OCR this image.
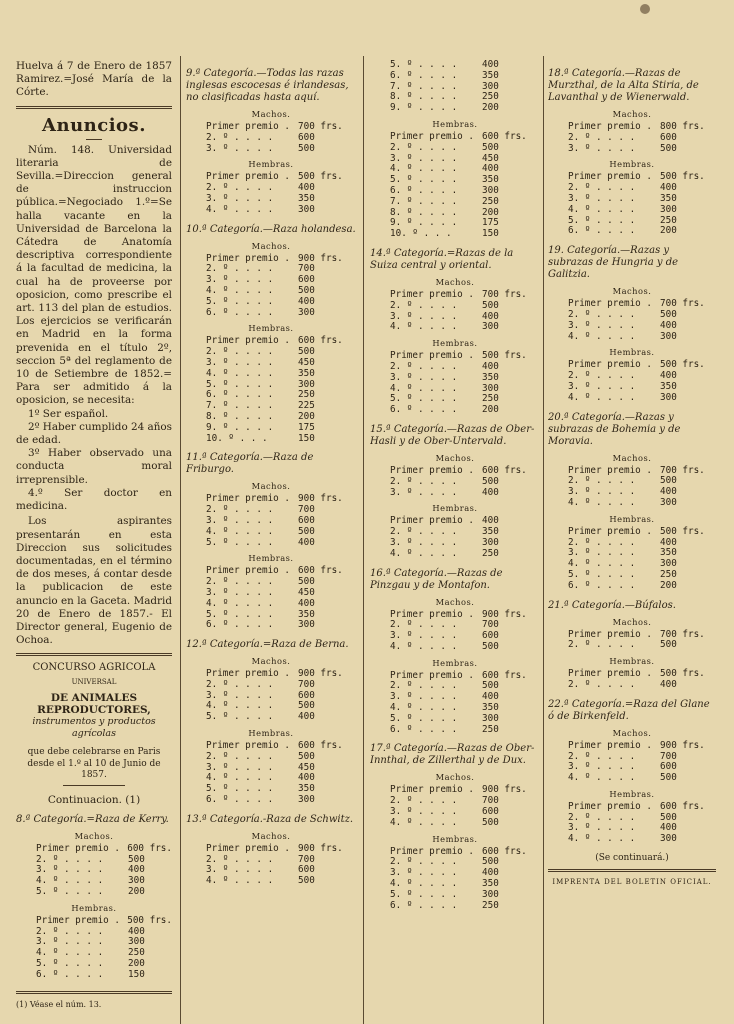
Huelva á 7 de Enero de 1857 Ramirez.=José María de la Córte.

Anuncios.

Núm. 148. Universidad literaria de Sevilla.=Direccion general de instruccion pública.=Negociado 1.º=Se halla vacante en la Universidad de Barcelona la Cátedra de Anatomía descriptiva correspondiente á la facultad de medicina, la cual ha de proveerse por oposicion, como prescribe el art. 113 del plan de estudios. Los ejercicios se verificarán en Madrid en la forma prevenida en el título 2º, seccion 5ª del reglamento de 10 de Setiembre de 1852.= Para ser admitido á la oposicion, se necesita:

1º Ser español.

2º Haber cumplido 24 años de edad.

3º Haber observado una conducta moral irreprensible.

4.º Ser doctor en medicina.

Los aspirantes presentarán en esta Direccion sus solicitudes documentadas, en el término de dos meses, á contar desde la publicacion de este anuncio en la Gaceta. Madrid 20 de Enero de 1857.- El Director general, Eugenio de Ochoa.

CONCURSO AGRICOLA
UNIVERSAL
DE ANIMALES REPRODUCTORES,
instrumentos y productos agrícolas
que debe celebrarse en Paris desde el 1.º al 10 de Junio de 1857.
Continuacion. (1)
8.ª Categoría.=Raza de Kerry.
Machos.
Primer premio . 600 frs.
2. º . . . .	500
3. º . . . .	400
4. º . . . .	300
5. º . . . .	200
Hembras.
Primer premio . 500 frs.
2. º . . . .	400
3. º . . . .	300
4. º . . . .	250
5. º . . . .	200
6. º . . . .	150
(1) Véase el núm. 13.
9.ª Categoría.—Todas las razas inglesas escocesas é irlandesas, no clasificadas hasta aquí.
Machos.
Primer premio . 700 frs.
2. º . . . .	600
3. º . . . .	500
Hembras.
Primer premio . 500 frs.
2. º . . . .	400
3. º . . . .	350
4. º . . . .	300
10.ª Categoría.—Raza holandesa.
Machos.
Primer premio . 900 frs.
2. º . . . .	700
3. º . . . .	600
4. º . . . .	500
5. º . . . .	400
6. º . . . .	300
Hembras.
Primer premio . 600 frs.
2. º . . . .	500
3. º . . . .	450
4. º . . . .	350
5. º . . . .	300
6. º . . . .	250
7. º . . . .	225
8. º . . . .	200
9. º . . . .	175
10. º . . .	150
11.ª Categoría.—Raza de Friburgo.
Machos.
Primer premio . 900 frs.
2. º . . . .	700
3. º . . . .	600
4. º . . . .	500
5. º . . . .	400
Hembras.
Primer premio . 600 frs.
2. º . . . .	500
3. º . . . .	450
4. º . . . .	400
5. º . . . .	350
6. º . . . .	300
12.ª Categoría.=Raza de Berna.
Machos.
Primer premio . 900 frs.
2. º . . . .	700
3. º . . . .	600
4. º . . . .	500
5. º . . . .	400
Hembras.
Primer premio . 600 frs.
2. º . . . .	500
3. º . . . .	450
4. º . . . .	400
5. º . . . .	350
6. º . . . .	300
13.ª Categoría.-Raza de Schwitz.
Machos.
Primer premio . 900 frs.
2. º . . . .	700
3. º . . . .	600
4. º . . . .	500
5. º . . . .	400
6. º . . . .	350
7. º . . . .	300
8. º . . . .	250
9. º . . . .	200
Hembras.
Primer premio . 600 frs.
2. º . . . .	500
3. º . . . .	450
4. º . . . .	400
5. º . . . .	350
6. º . . . .	300
7. º . . . .	250
8. º . . . .	200
9. º . . . .	175
10. º . . .	150
14.ª Categoría.=Razas de la Suiza central y oriental.
Machos.
Primer premio . 700 frs.
2. º . . . .	500
3. º . . . .	400
4. º . . . .	300
Hembras.
Primer premio . 500 frs.
2. º . . . .	400
3. º . . . .	350
4. º . . . .	300
5. º . . . .	250
6. º . . . .	200
15.ª Categoría.—Razas de Ober-Hasli y de Ober-Untervald.
Machos.
Primer premio . 600 frs.
2. º . . . .	500
3. º . . . .	400
Hembras.
Primer premio . 400
2. º . . . .	350
3. º . . . .	300
4. º . . . .	250
16.ª Categoría.—Razas de Pinzgau y de Montafon.
Machos.
Primer premio . 900 frs.
2. º . . . .	700
3. º . . . .	600
4. º . . . .	500
Hembras.
Primer premio . 600 frs.
2. º . . . .	500
3. º . . . .	400
4. º . . . .	350
5. º . . . .	300
6. º . . . .	250
17.ª Categoría.—Razas de Ober-Innthal, de Zillerthal y de Dux.
Machos.
Primer premio . 900 frs.
2. º . . . .	700
3. º . . . .	600
4. º . . . .	500
Hembras.
Primer premio . 600 frs.
2. º . . . .	500
3. º . . . .	400
4. º . . . .	350
5. º . . . .	300
6. º . . . .	250
18.ª Categoría.—Razas de Murzthal, de la Alta Stiria, de Lavanthal y de Wienerwald.
Machos.
Primer premio . 800 frs.
2. º . . . .	600
3. º . . . .	500
Hembras.
Primer premio . 500 frs.
2. º . . . .	400
3. º . . . .	350
4. º . . . .	300
5. º . . . .	250
6. º . . . .	200
19. Categoría.—Razas y subrazas de Hungria y de Galitzia.
Machos.
Primer premio . 700 frs.
2. º . . . .	500
3. º . . . .	400
4. º . . . .	300
Hembras.
Primer premio . 500 frs.
2. º . . . .	400
3. º . . . .	350
4. º . . . .	300
20.ª Categoría.—Razas y subrazas de Bohemia y de Moravia.
Machos.
Primer premio . 700 frs.
2. º . . . .	500
3. º . . . .	400
4. º . . . .	300
Hembras.
Primer premio . 500 frs.
2. º . . . .	400
3. º . . . .	350
4. º . . . .	300
5. º . . . .	250
6. º . . . .	200
21.ª Categoría.—Búfalos.
Machos.
Primer premio . 700 frs.
2. º . . . .	500
Hembras.
Primer premio . 500 frs.
2. º . . . .	400
22.ª Categoría.=Raza del Glane ó de Birkenfeld.
Machos.
Primer premio . 900 frs.
2. º . . . .	700
3. º . . . .	600
4. º . . . .	500
Hembras.
Primer premio . 600 frs.
2. º . . . .	500
3. º . . . .	400
4. º . . . .	300
(Se continuará.)
IMPRENTA DEL BOLETIN OFICIAL.
